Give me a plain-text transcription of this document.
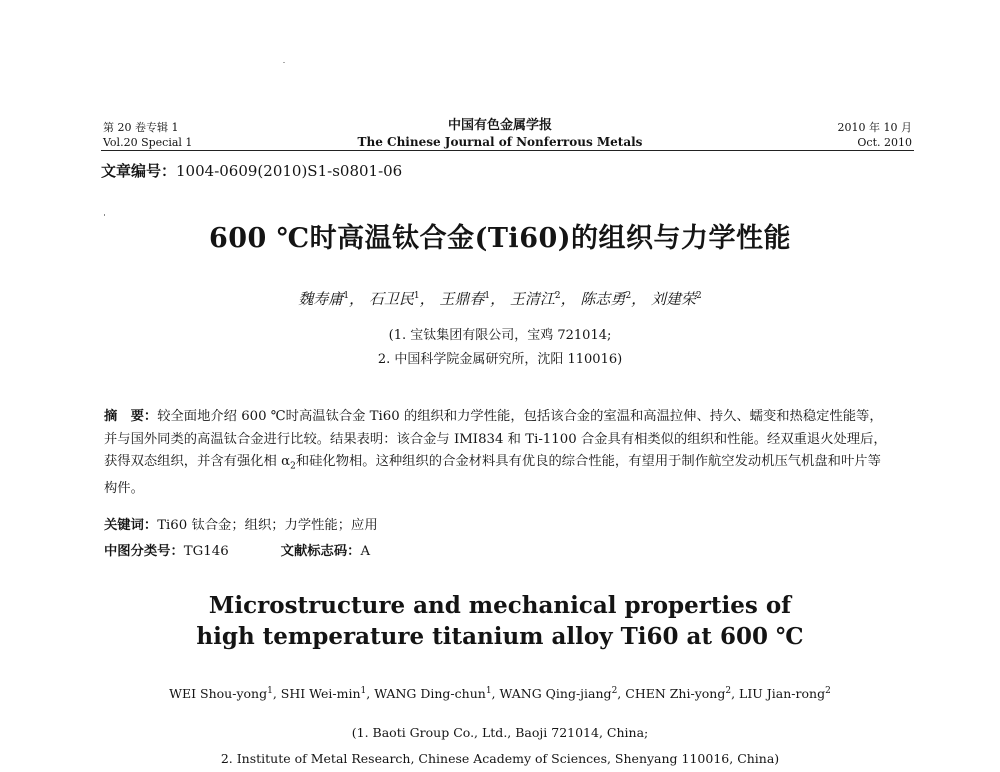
第 20 卷专辑 1
Vol.20 Special 1
中国有色金属学报
The Chinese Journal of Nonferrous Metals
2010 年 10 月
Oct. 2010
文章编号：1004-0609(2010)S1-s0801-06
600 ℃时高温钛合金(Ti60)的组织与力学性能
魏寿庸$^1$， 石卫民$^1$， 王鼎春$^1$， 王清江$^2$， 陈志勇$^2$， 刘建荣$^2$
(1. 宝钛集团有限公司，宝鸡 721014;
2. 中国科学院金属研究所，沈阳 110016)
摘　要：较全面地介绍 600 ℃时高温钛合金 Ti60 的组织和力学性能，包括该合金的室温和高温拉伸、持久、蠕变和热稳定性能等，并与国外同类的高温钛合金进行比较。结果表明：该合金与 IMI834 和 Ti-1100 合金具有相类似的组织和性能。经双重退火处理后，获得双态组织，并含有强化相 $\alpha_2$和硅化物相。这种组织的合金材料具有优良的综合性能，有望用于制作航空发动机压气机盘和叶片等构件。
关键词：Ti60 钛合金；组织；力学性能；应用
中图分类号：TG146	文献标志码：A
Microstructure and mechanical properties of
high temperature titanium alloy Ti60 at 600 ℃
WEI Shou-yong$^1$, SHI Wei-$\min^1$, WANG Ding-chun$^1$, WANG Qing-jiang$^2$, CHEN Zhi-yong$^2$, LIU Jian-rong$^2$
(1. Baoti Group Co., Ltd., Baoji 721014, China;
2. Institute of Metal Research, Chinese Academy of Sciences, Shenyang 110016, China)
